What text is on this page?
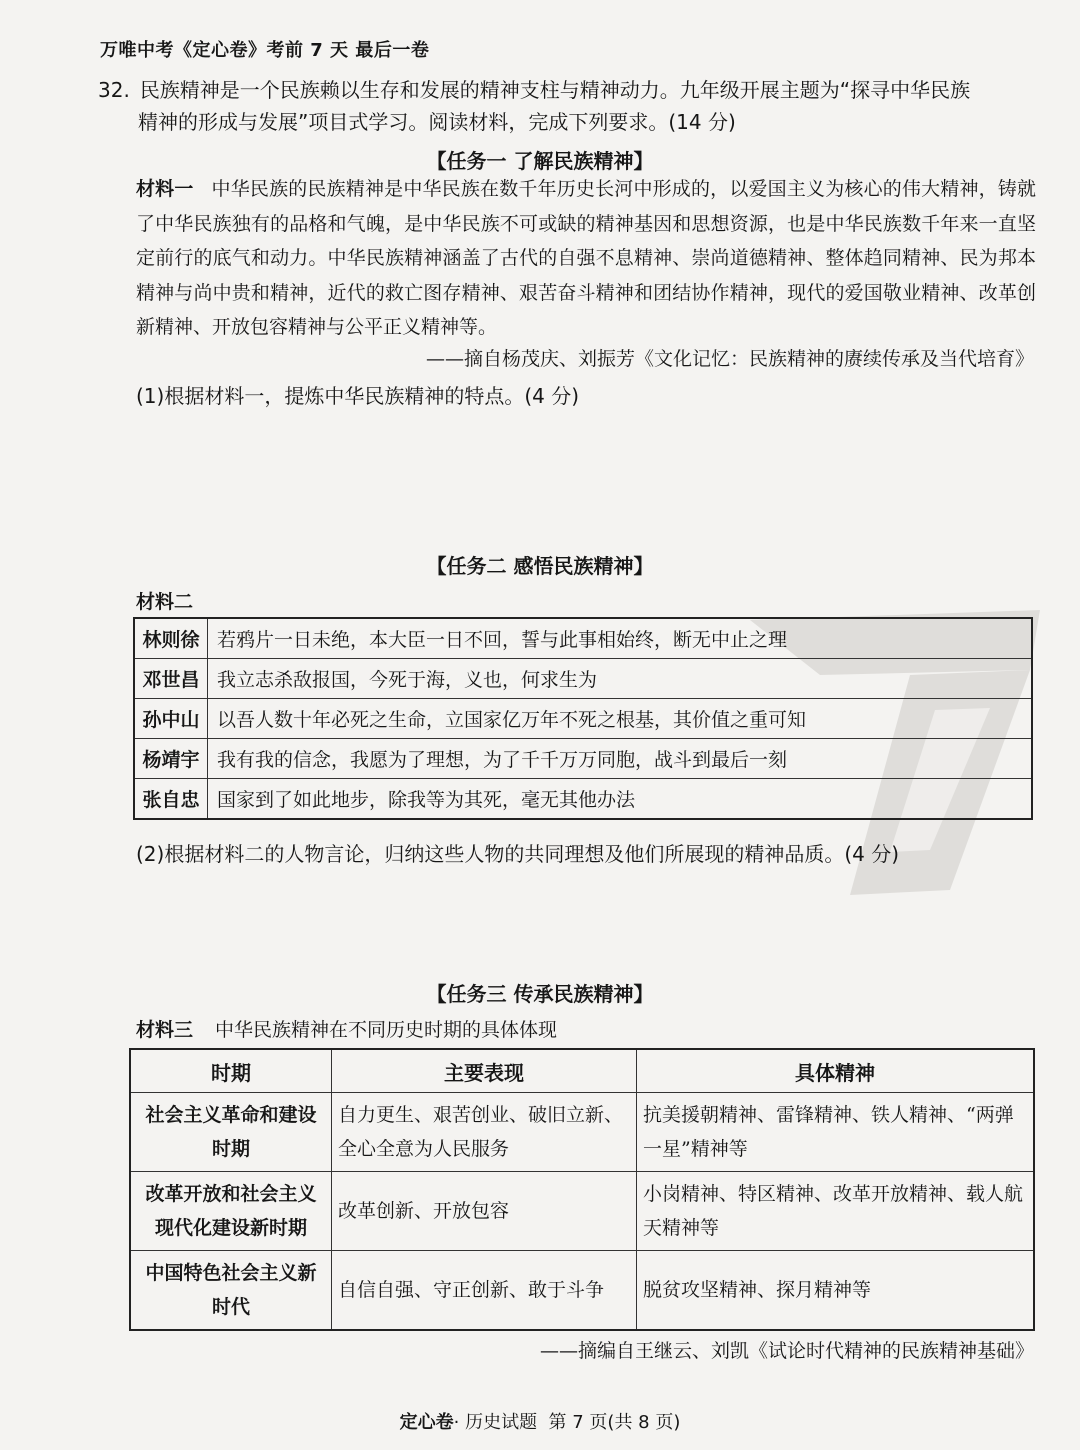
万唯中考《定心卷》考前 7 天 最后一卷
32. 民族精神是一个民族赖以生存和发展的精神支柱与精神动力。九年级开展主题为“探寻中华民族
精神的形成与发展”项目式学习。阅读材料，完成下列要求。(14 分)
【任务一 了解民族精神】
材料一 中华民族的民族精神是中华民族在数千年历史长河中形成的，以爱国主义为核心的伟大精神，铸就了中华民族独有的品格和气魄，是中华民族不可或缺的精神基因和思想资源，也是中华民族数千年来一直坚定前行的底气和动力。中华民族精神涵盖了古代的自强不息精神、崇尚道德精神、整体趋同精神、民为邦本精神与尚中贵和精神，近代的救亡图存精神、艰苦奋斗精神和团结协作精神，现代的爱国敬业精神、改革创新精神、开放包容精神与公平正义精神等。
——摘自杨茂庆、刘振芳《文化记忆：民族精神的赓续传承及当代培育》
(1)根据材料一，提炼中华民族精神的特点。(4 分)
【任务二 感悟民族精神】
材料二
林则徐	若鸦片一日未绝，本大臣一日不回，誓与此事相始终，断无中止之理
邓世昌	我立志杀敌报国，今死于海，义也，何求生为
孙中山	以吾人数十年必死之生命，立国家亿万年不死之根基，其价值之重可知
杨靖宇	我有我的信念，我愿为了理想，为了千千万万同胞，战斗到最后一刻
张自忠	国家到了如此地步，除我等为其死，毫无其他办法
(2)根据材料二的人物言论，归纳这些人物的共同理想及他们所展现的精神品质。(4 分)
【任务三 传承民族精神】
材料三 中华民族精神在不同历史时期的具体体现
时期	主要表现	具体精神
社会主义革命和建设时期	自力更生、艰苦创业、破旧立新、全心全意为人民服务	抗美援朝精神、雷锋精神、铁人精神、“两弹一星”精神等
改革开放和社会主义现代化建设新时期	改革创新、开放包容	小岗精神、特区精神、改革开放精神、载人航天精神等
中国特色社会主义新时代	自信自强、守正创新、敢于斗争	脱贫攻坚精神、探月精神等
——摘编自王继云、刘凯《试论时代精神的民族精神基础》
定心卷· 历史试题 第 7 页(共 8 页)
